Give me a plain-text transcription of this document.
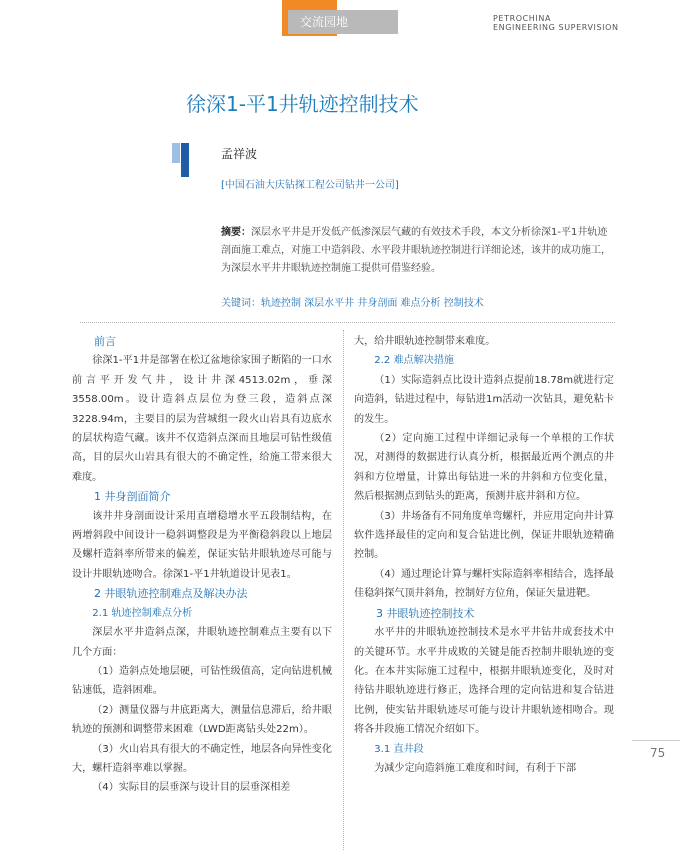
交流园地	PETROCHINA
ENGINEERING SUPERVISION
徐深1-平1井轨迹控制技术
孟祥波
[中国石油大庆钻探工程公司钻井一公司]
摘要：深层水平井是开发低产低渗深层气藏的有效技术手段，本文分析徐深1-平1井轨迹剖面施工难点，对施工中造斜段、水平段井眼轨迹控制进行详细论述，该井的成功施工，为深层水平井井眼轨迹控制施工提供可借鉴经验。
关键词：轨迹控制 深层水平井 井身剖面 难点分析 控制技术

前言

徐深1-平1井是部署在松辽盆地徐家围子断陷的一口水前言平开发气井，设计井深4513.02m，垂深3558.00m。设计造斜点层位为登三段，造斜点深3228.94m，主要目的层为营城组一段火山岩具有边底水的层状构造气藏。该井不仅造斜点深而且地层可钻性级值高，目的层火山岩具有很大的不确定性，给施工带来很大难度。

1 井身剖面简介

该井井身剖面设计采用直增稳增水平五段制结构，在两增斜段中间设计一稳斜调整段是为平衡稳斜段以上地层及螺杆造斜率所带来的偏差，保证实钻井眼轨迹尽可能与设计井眼轨迹吻合。徐深1-平1井轨道设计见表1。

2 井眼轨迹控制难点及解决办法

2.1 轨迹控制难点分析

深层水平井造斜点深，井眼轨迹控制难点主要有以下几个方面：

（1）造斜点处地层硬，可钻性级值高，定向钻进机械钻速低，造斜困难。

（2）测量仪器与井底距离大，测量信息滞后，给井眼轨迹的预测和调整带来困难（LWD距离钻头处22m）。

（3）火山岩具有很大的不确定性，地层各向异性变化大，螺杆造斜率难以掌握。

（4）实际目的层垂深与设计目的层垂深相差

大，给井眼轨迹控制带来难度。

2.2 难点解决措施

（1）实际造斜点比设计造斜点提前18.78m就进行定向造斜，钻进过程中，每钻进1m活动一次钻具，避免粘卡的发生。

（2）定向施工过程中详细记录每一个单根的工作状况，对测得的数据进行认真分析，根据最近两个测点的井斜和方位增量，计算出每钻进一米的井斜和方位变化量，然后根据测点到钻头的距离，预测井底井斜和方位。

（3）井场备有不同角度单弯螺杆，并应用定向井计算软件选择最佳的定向和复合钻进比例，保证井眼轨迹精确控制。

（4）通过理论计算与螺杆实际造斜率相结合，选择最佳稳斜探气顶井斜角，控制好方位角，保证矢量进靶。

3 井眼轨迹控制技术

水平井的井眼轨迹控制技术是水平井钻井成套技术中的关键环节。水平井成败的关键是能否控制井眼轨迹的变化。在本井实际施工过程中，根据井眼轨迹变化，及时对待钻井眼轨迹进行修正，选择合理的定向钻进和复合钻进比例，使实钻井眼轨迹尽可能与设计井眼轨迹相吻合。现将各井段施工情况介绍如下。

3.1 直井段

为减少定向造斜施工难度和时间，有利于下部

75
